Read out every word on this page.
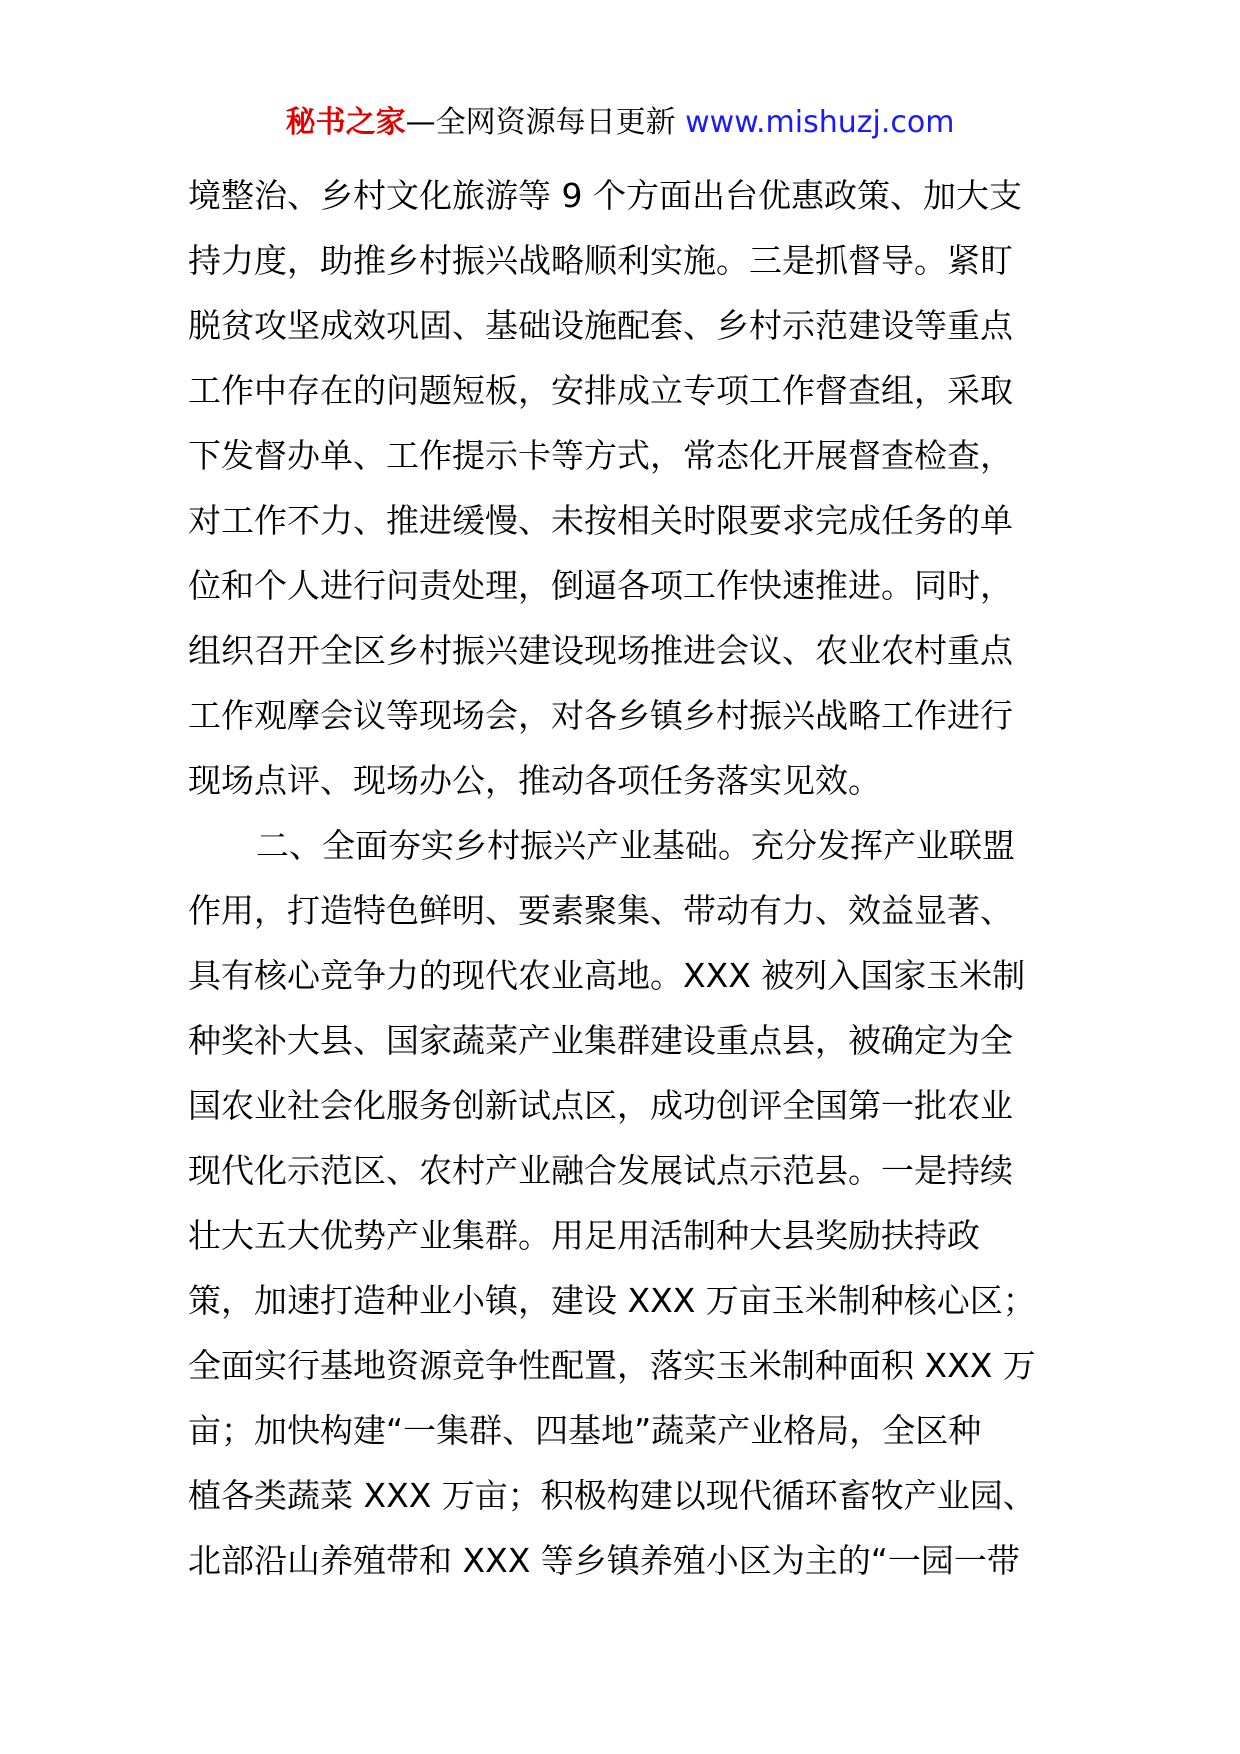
秘书之家—全网资源每日更新 www.mishuzj.com
境整治、乡村文化旅游等 9 个方面出台优惠政策、加大支
持力度，助推乡村振兴战略顺利实施。三是抓督导。紧盯
脱贫攻坚成效巩固、基础设施配套、乡村示范建设等重点
工作中存在的问题短板，安排成立专项工作督查组，采取
下发督办单、工作提示卡等方式，常态化开展督查检查，
对工作不力、推进缓慢、未按相关时限要求完成任务的单
位和个人进行问责处理，倒逼各项工作快速推进。同时，
组织召开全区乡村振兴建设现场推进会议、农业农村重点
工作观摩会议等现场会，对各乡镇乡村振兴战略工作进行
现场点评、现场办公，推动各项任务落实见效。
二、全面夯实乡村振兴产业基础。充分发挥产业联盟
作用，打造特色鲜明、要素聚集、带动有力、效益显著、
具有核心竞争力的现代农业高地。XXX 被列入国家玉米制
种奖补大县、国家蔬菜产业集群建设重点县，被确定为全
国农业社会化服务创新试点区，成功创评全国第一批农业
现代化示范区、农村产业融合发展试点示范县。一是持续
壮大五大优势产业集群。用足用活制种大县奖励扶持政
策，加速打造种业小镇，建设 XXX 万亩玉米制种核心区；
全面实行基地资源竞争性配置，落实玉米制种面积 XXX 万
亩；加快构建“一集群、四基地”蔬菜产业格局，全区种
植各类蔬菜 XXX 万亩；积极构建以现代循环畜牧产业园、
北部沿山养殖带和 XXX 等乡镇养殖小区为主的“一园一带
